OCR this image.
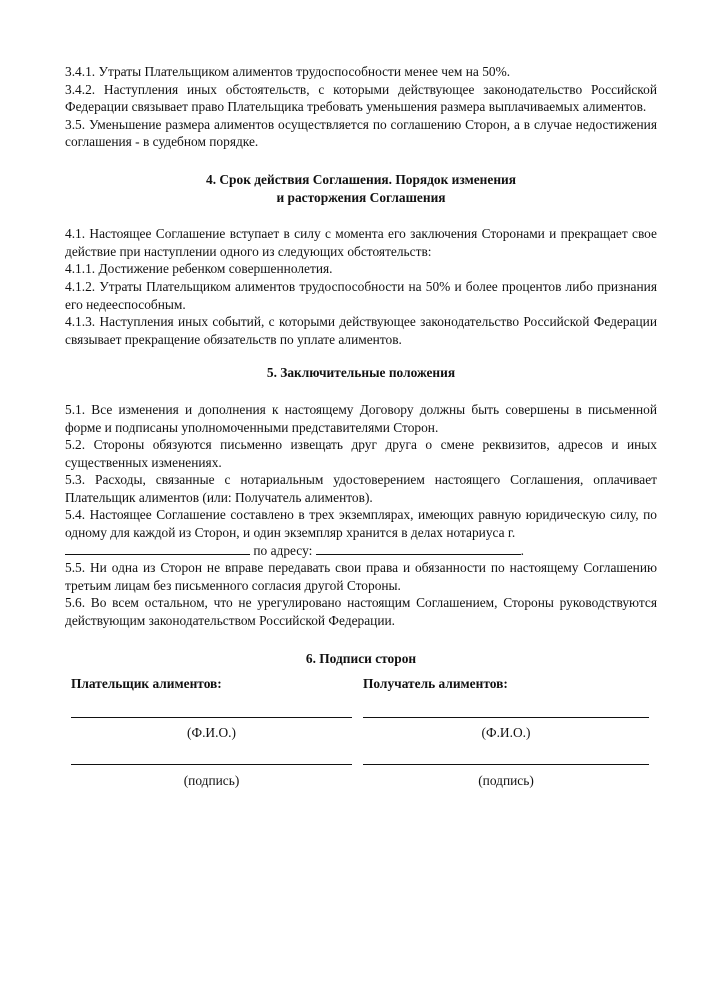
3.4.1. Утраты Плательщиком алиментов трудоспособности менее чем на 50%.

3.4.2. Наступления иных обстоятельств, с которыми действующее законодательство Российской Федерации связывает право Плательщика требовать уменьшения размера выплачиваемых алиментов.

3.5. Уменьшение размера алиментов осуществляется по соглашению Сторон, а в случае недостижения соглашения - в судебном порядке.

4. Срок действия Соглашения. Порядок изменения
и расторжения Соглашения

4.1. Настоящее Соглашение вступает в силу с момента его заключения Сторонами и прекращает свое действие при наступлении одного из следующих обстоятельств:

4.1.1. Достижение ребенком совершеннолетия.

4.1.2. Утраты Плательщиком алиментов трудоспособности на 50% и более процентов либо признания его недееспособным.

4.1.3. Наступления иных событий, с которыми действующее законодательство Российской Федерации связывает прекращение обязательств по уплате алиментов.

5. Заключительные положения

5.1. Все изменения и дополнения к настоящему Договору должны быть совершены в письменной форме и подписаны уполномоченными представителями Сторон.

5.2. Стороны обязуются письменно извещать друг друга о смене реквизитов, адресов и иных существенных изменениях.

5.3. Расходы, связанные с нотариальным удостоверением настоящего Соглашения, оплачивает Плательщик алиментов (или: Получатель алиментов).

5.4. Настоящее Соглашение составлено в трех экземплярах, имеющих равную юридическую силу, по одному для каждой из Сторон, и один экземпляр хранится в делах нотариуса г.
по адресу:	.

5.5. Ни одна из Сторон не вправе передавать свои права и обязанности по настоящему Соглашению третьим лицам без письменного согласия другой Стороны.

5.6. Во всем остальном, что не урегулировано настоящим Соглашением, Стороны руководствуются действующим законодательством Российской Федерации.

6. Подписи сторон
Плательщик алиментов:
(Ф.И.О.)
(подпись)
Получатель алиментов:
(Ф.И.О.)
(подпись)
